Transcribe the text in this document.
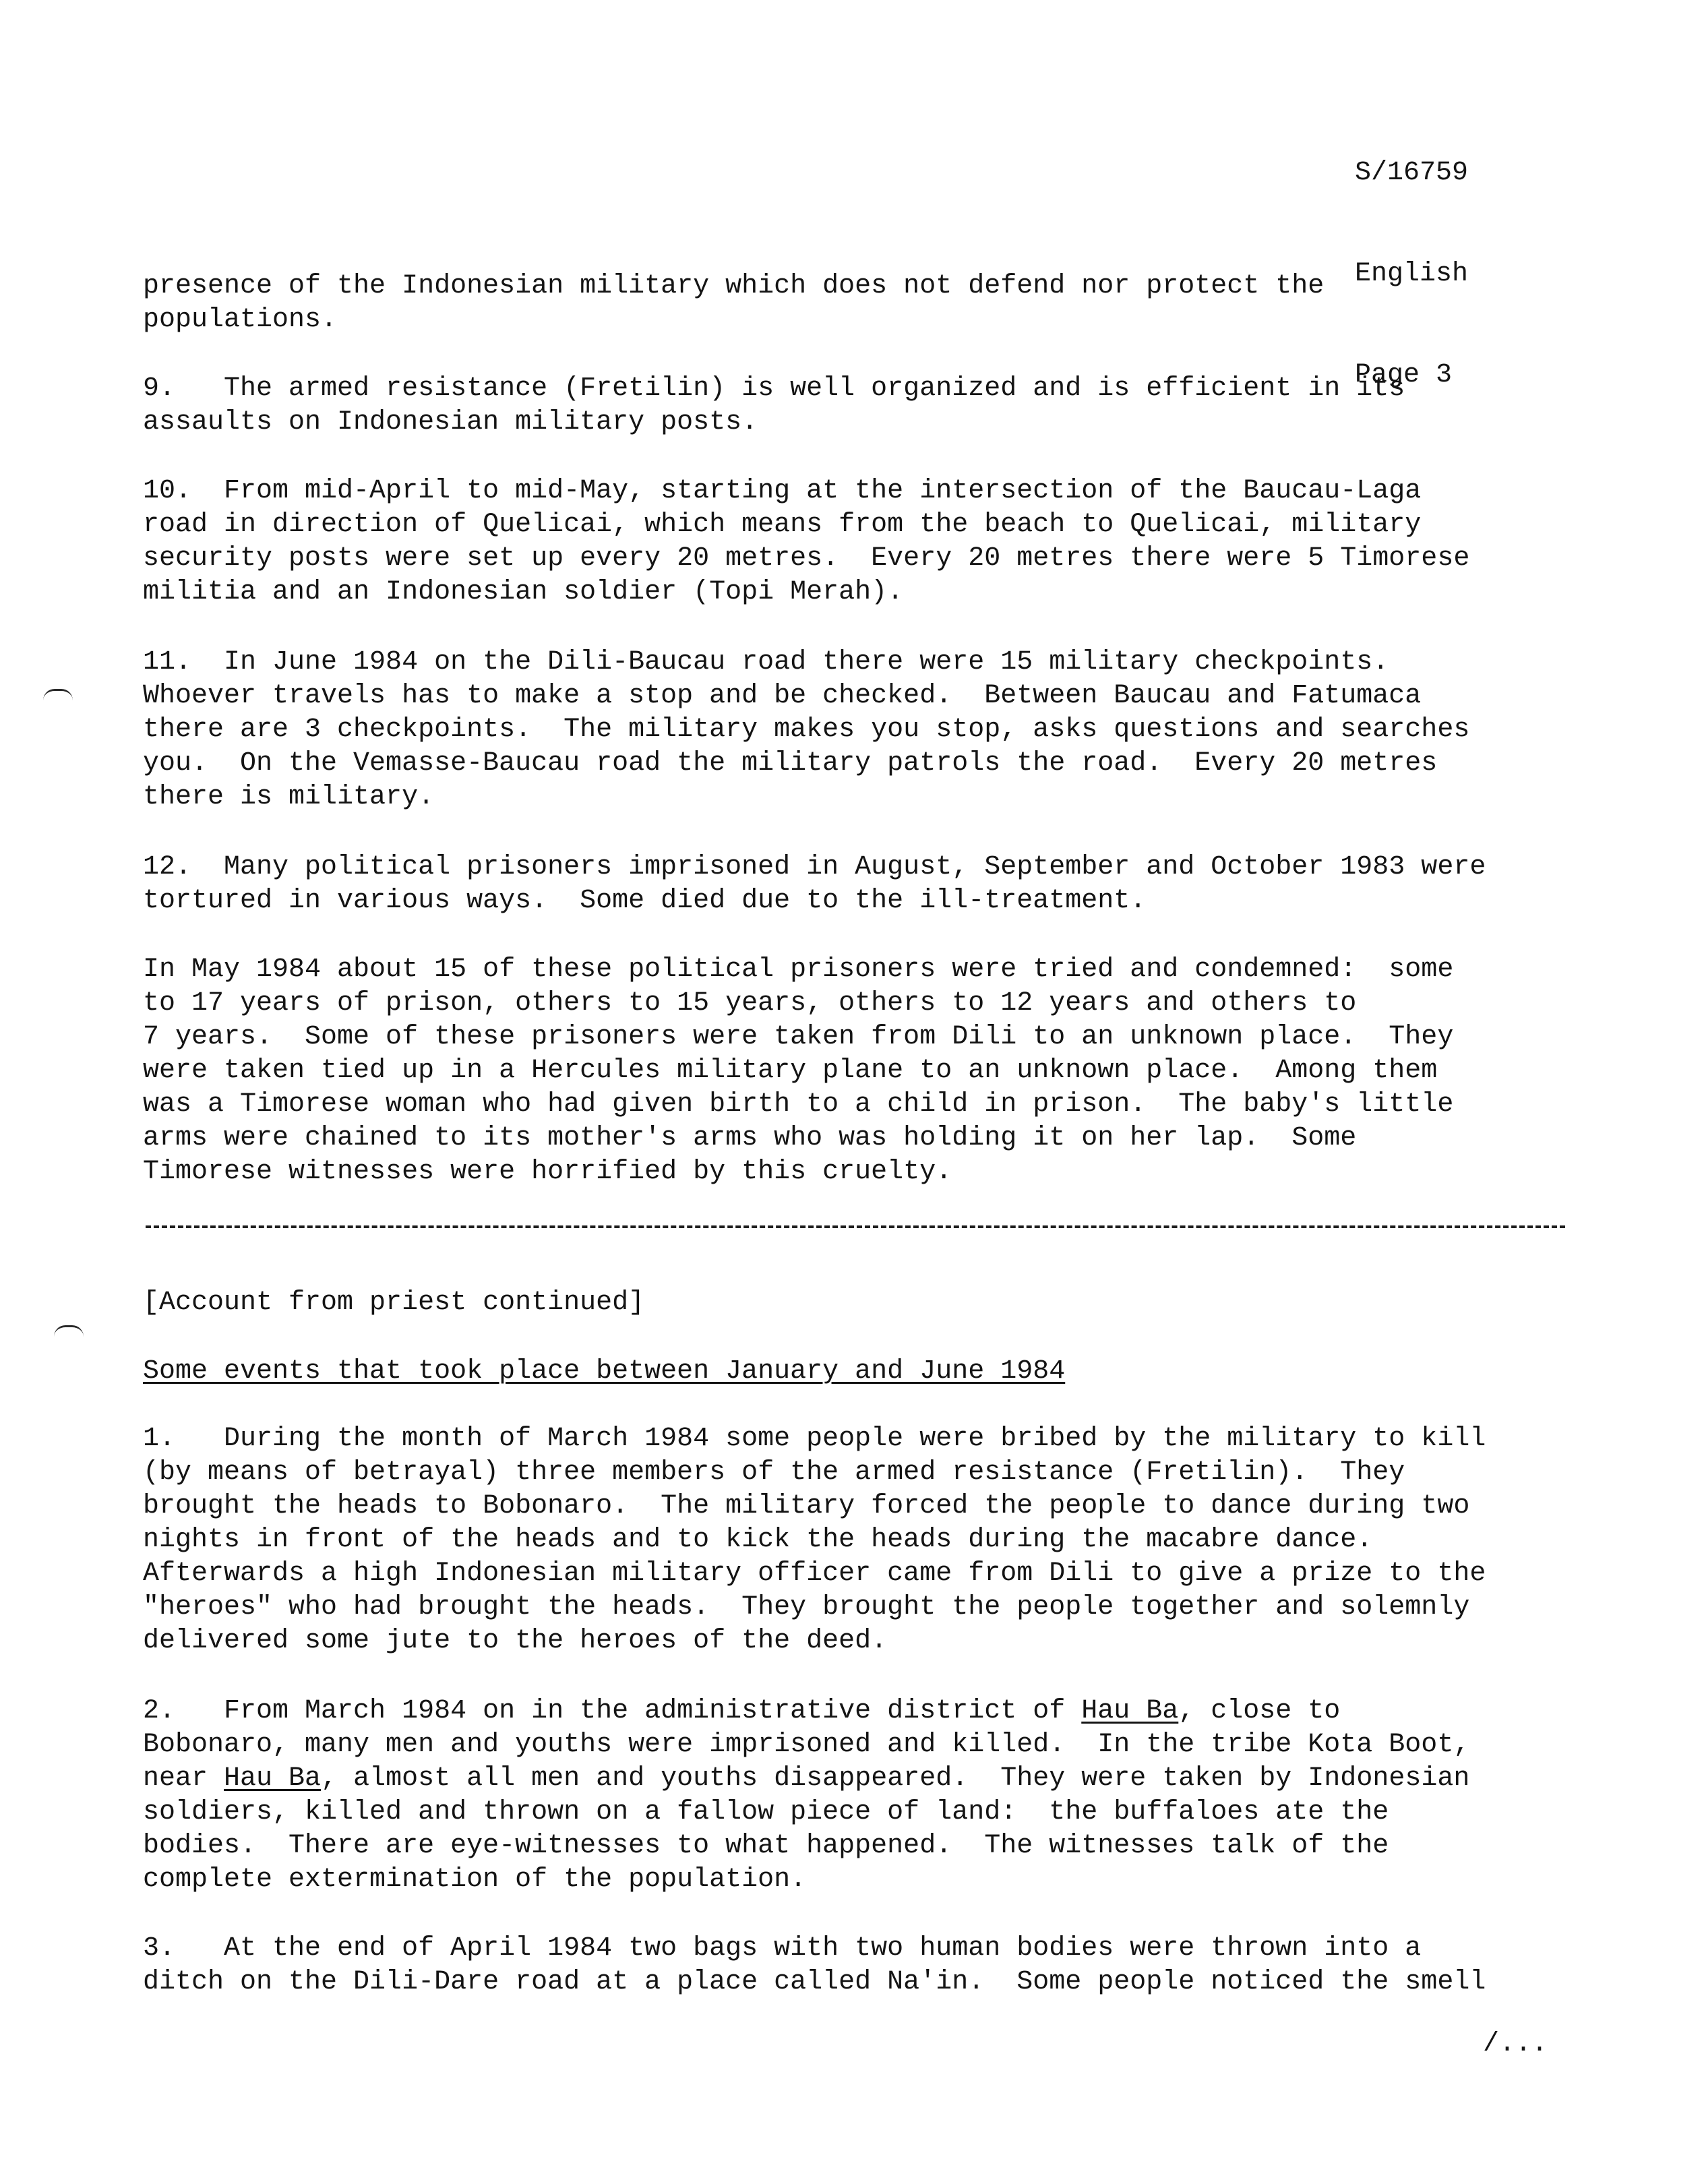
S/16759

English

Page 3

presence of the Indonesian military which does not defend nor protect the
populations.

9.   The armed resistance (Fretilin) is well organized and is efficient in its
assaults on Indonesian military posts.

10.  From mid-April to mid-May, starting at the intersection of the Baucau-Laga
road in direction of Quelicai, which means from the beach to Quelicai, military
security posts were set up every 20 metres.  Every 20 metres there were 5 Timorese
militia and an Indonesian soldier (Topi Merah).

11.  In June 1984 on the Dili-Baucau road there were 15 military checkpoints.
Whoever travels has to make a stop and be checked.  Between Baucau and Fatumaca
there are 3 checkpoints.  The military makes you stop, asks questions and searches
you.  On the Vemasse-Baucau road the military patrols the road.  Every 20 metres
there is military.

12.  Many political prisoners imprisoned in August, September and October 1983 were
tortured in various ways.  Some died due to the ill-treatment.

In May 1984 about 15 of these political prisoners were tried and condemned:  some
to 17 years of prison, others to 15 years, others to 12 years and others to
7 years.  Some of these prisoners were taken from Dili to an unknown place.  They
were taken tied up in a Hercules military plane to an unknown place.  Among them
was a Timorese woman who had given birth to a child in prison.  The baby's little
arms were chained to its mother's arms who was holding it on her lap.  Some
Timorese witnesses were horrified by this cruelty.

[Account from priest continued]

Some events that took place between January and June 1984

1.   During the month of March 1984 some people were bribed by the military to kill
(by means of betrayal) three members of the armed resistance (Fretilin).  They
brought the heads to Bobonaro.  The military forced the people to dance during two
nights in front of the heads and to kick the heads during the macabre dance.
Afterwards a high Indonesian military officer came from Dili to give a prize to the
"heroes" who had brought the heads.  They brought the people together and solemnly
delivered some jute to the heroes of the deed.

2.   From March 1984 on in the administrative district of Hau Ba, close to
Bobonaro, many men and youths were imprisoned and killed.  In the tribe Kota Boot,
near Hau Ba, almost all men and youths disappeared.  They were taken by Indonesian
soldiers, killed and thrown on a fallow piece of land:  the buffaloes ate the
bodies.  There are eye-witnesses to what happened.  The witnesses talk of the
complete extermination of the population.

3.   At the end of April 1984 two bags with two human bodies were thrown into a
ditch on the Dili-Dare road at a place called Na'in.  Some people noticed the smell

/...
